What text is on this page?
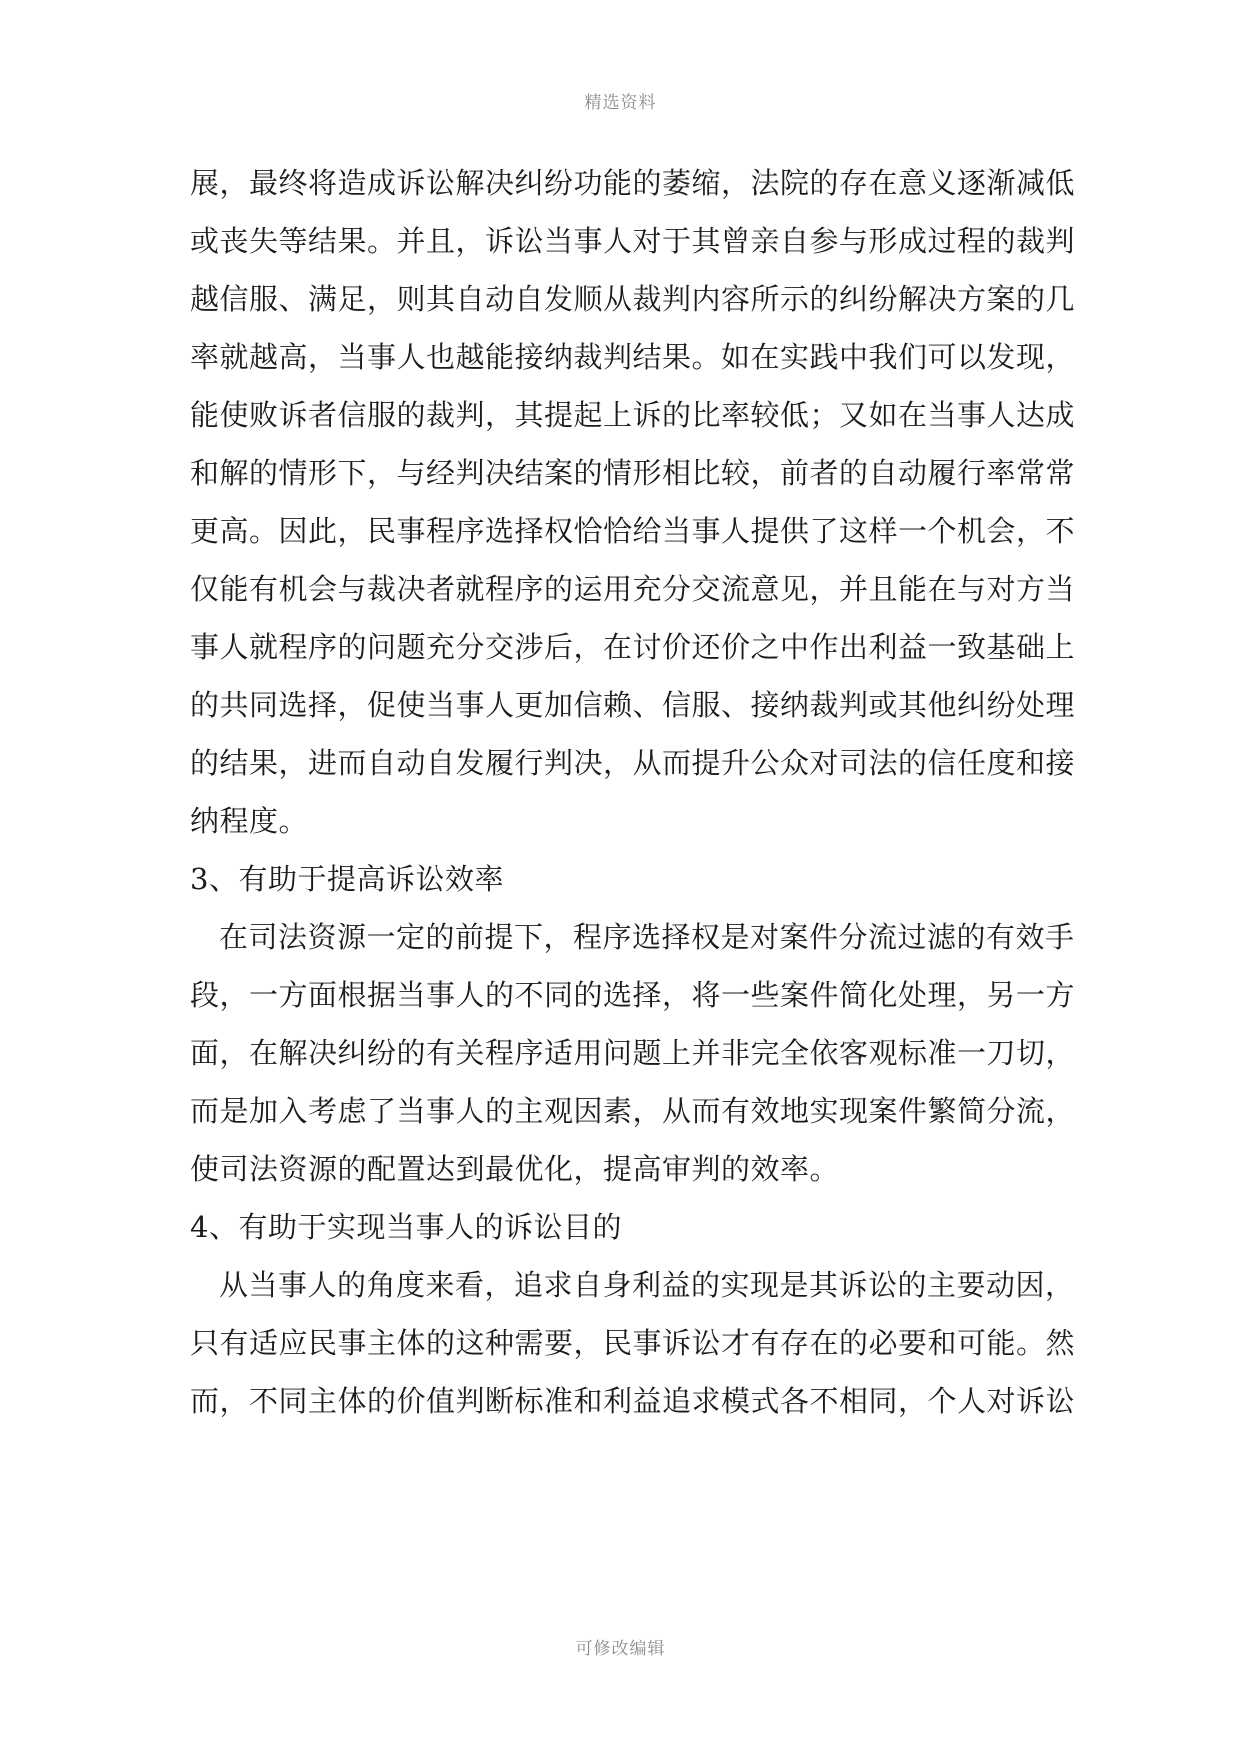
精选资料
展，最终将造成诉讼解决纠纷功能的萎缩，法院的存在意义逐渐减低
或丧失等结果。并且，诉讼当事人对于其曾亲自参与形成过程的裁判
越信服、满足，则其自动自发顺从裁判内容所示的纠纷解决方案的几
率就越高，当事人也越能接纳裁判结果。如在实践中我们可以发现，
能使败诉者信服的裁判，其提起上诉的比率较低；又如在当事人达成
和解的情形下，与经判决结案的情形相比较，前者的自动履行率常常
更高。因此，民事程序选择权恰恰给当事人提供了这样一个机会，不
仅能有机会与裁决者就程序的运用充分交流意见，并且能在与对方当
事人就程序的问题充分交涉后，在讨价还价之中作出利益一致基础上
的共同选择，促使当事人更加信赖、信服、接纳裁判或其他纠纷处理
的结果，进而自动自发履行判决，从而提升公众对司法的信任度和接
纳程度。
3、有助于提高诉讼效率
在司法资源一定的前提下，程序选择权是对案件分流过滤的有效手
段，一方面根据当事人的不同的选择，将一些案件简化处理，另一方
面，在解决纠纷的有关程序适用问题上并非完全依客观标准一刀切，
而是加入考虑了当事人的主观因素，从而有效地实现案件繁简分流，
使司法资源的配置达到最优化，提高审判的效率。
4、有助于实现当事人的诉讼目的
从当事人的角度来看，追求自身利益的实现是其诉讼的主要动因，
只有适应民事主体的这种需要，民事诉讼才有存在的必要和可能。然
而，不同主体的价值判断标准和利益追求模式各不相同，个人对诉讼
可修改编辑
